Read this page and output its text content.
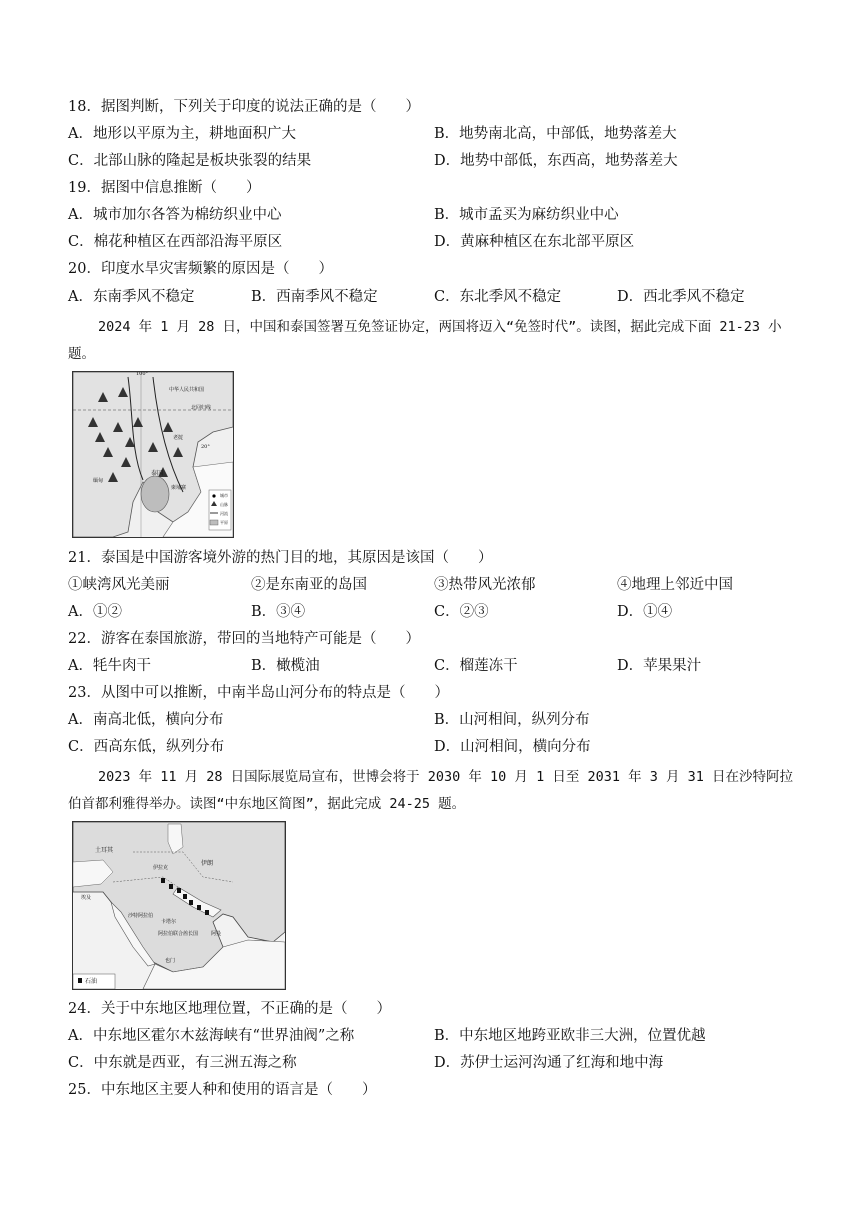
18．据图判断，下列关于印度的说法正确的是（　　）
A．地形以平原为主，耕地面积广大	B．地势南北高，中部低，地势落差大
C．北部山脉的隆起是板块张裂的结果	D．地势中部低，东西高，地势落差大
19．据图中信息推断（　　）
A．城市加尔各答为棉纺织业中心	B．城市孟买为麻纺织业中心
C．棉花种植区在西部沿海平原区	D．黄麻种植区在东北部平原区
20．印度水旱灾害频繁的原因是（　　）
A．东南季风不稳定	B．西南季风不稳定	C．东北季风不稳定	D．西北季风不稳定
2024 年 1 月 28 日，中国和泰国签署互免签证协定，两国将迈入“免签时代”。读图，据此完成下面 21-23 小题。
中华人民共和国
100°
北回归线
20°
缅甸
老挝
泰国
柬埔寨
城市
山脉
河流
平原
21．泰国是中国游客境外游的热门目的地，其原因是该国（　　）
①峡湾风光美丽	②是东南亚的岛国	③热带风光浓郁	④地理上邻近中国
A．①②	B．③④	C．②③	D．①④
22．游客在泰国旅游，带回的当地特产可能是（　　）
A．牦牛肉干	B．橄榄油	C．榴莲冻干	D．苹果果汁
23．从图中可以推断，中南半岛山河分布的特点是（　　）
A．南高北低，横向分布	B．山河相间，纵列分布
C．西高东低，纵列分布	D．山河相间，横向分布
2023 年 11 月 28 日国际展览局宣布，世博会将于 2030 年 10 月 1 日至 2031 年 3 月 31 日在沙特阿拉伯首都利雅得举办。读图“中东地区简图”，据此完成 24-25 题。
土耳其
伊拉克
伊朗
沙特阿拉伯
卡塔尔
阿拉伯联合酋长国	阿曼
也门
埃及
石油
24．关于中东地区地理位置，不正确的是（　　）
A．中东地区霍尔木兹海峡有“世界油阀”之称	B．中东地区地跨亚欧非三大洲，位置优越
C．中东就是西亚，有三洲五海之称	D．苏伊士运河沟通了红海和地中海
25．中东地区主要人种和使用的语言是（　　）
